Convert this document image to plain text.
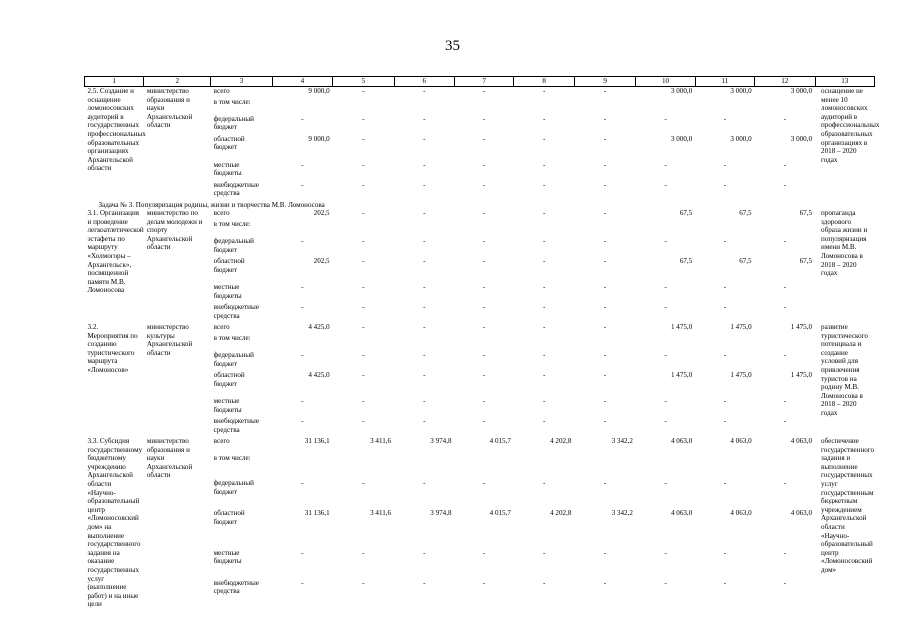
35
1	2	3	4	5	6	7	8	9	10	11	12	13
2.5. Создание и оснащение ломоносовских аудиторий в государственных профессиональных образовательных организациях Архангельской области	министерство образования и науки Архангельской области	всего	9 000,0	-	-	-	-	-	3 000,0	3 000,0	3 000,0	оснащение не менее 10 ломоносовских аудиторий в профессиональных образовательных организациях в 2018 – 2020 годах
		в том числе:										
		федеральный бюджет	-	-	-	-	-	-	-	-	-	
		областной бюджет	9 000,0	-	-	-	-	-	3 000,0	3 000,0	3 000,0	
		местные бюджеты	-	-	-	-	-	-	-	-	-	
		внебюджетные средства	-	-	-	-	-	-	-	-	-	
Задача № 3. Популяризация родины, жизни и творчества М.В. Ломоносова												
3.1. Организация и проведение легкоатлетической эстафеты по маршруту «Холмогоры – Архангельск», посвященной памяти М.В. Ломоносова	министерство по делам молодежи и спорту Архангельской области	всего	202,5	-	-	-	-	-	67,5	67,5	67,5	пропаганда здорового образа жизни и популяризация имени М.В. Ломоносова в 2018 – 2020 годах
		в том числе:										
		федеральный бюджет	-	-	-	-	-	-	-	-	-	
		областной бюджет	202,5	-	-	-	-	-	67,5	67,5	67,5	
		местные бюджеты	-	-	-	-	-	-	-	-	-	
		внебюджетные средства	-	-	-	-	-	-	-	-	-	
3.2. Мероприятия по созданию туристического маршрута «Ломоносов»	министерство культуры Архангельской области	всего	4 425,0	-	-	-	-	-	1 475,0	1 475,0	1 475,0	развитие туристического потенциала и создание условий для привлечения туристов на родину М.В. Ломоносова в 2018 – 2020 годах
		в том числе:										
		федеральный бюджет	-	-	-	-	-	-	-	-	-	
		областной бюджет	4 425,0	-	-	-	-	-	1 475,0	1 475,0	1 475,0	
		местные бюджеты	-	-	-	-	-	-	-	-	-	
		внебюджетные средства	-	-	-	-	-	-	-	-	-	
3.3. Субсидия государственному бюджетному учреждению Архангельской области «Научно-образовательный центр «Ломоносовский дом» на выполнение государственного задания на оказание государственных услуг (выполнение работ) и на иные цели	министерство образования и науки Архангельской области	всего	31 136,1	3 411,6	3 974,8	4 015,7	4 202,8	3 342,2	4 063,0	4 063,0	4 063,0	обеспечение государственного задания и выполнение государственных услуг государственным бюджетным учреждением Архангельской области «Научно-образовательный центр «Ломоносовский дом»
		в том числе:										
		федеральный бюджет	-	-	-	-	-	-	-	-	-	
		областной бюджет	31 136,1	3 411,6	3 974,8	4 015,7	4 202,8	3 342,2	4 063,0	4 063,0	4 063,0	
		местные бюджеты	-	-	-	-	-	-	-	-	-	
		внебюджетные средства	-	-	-	-	-	-	-	-	-	
